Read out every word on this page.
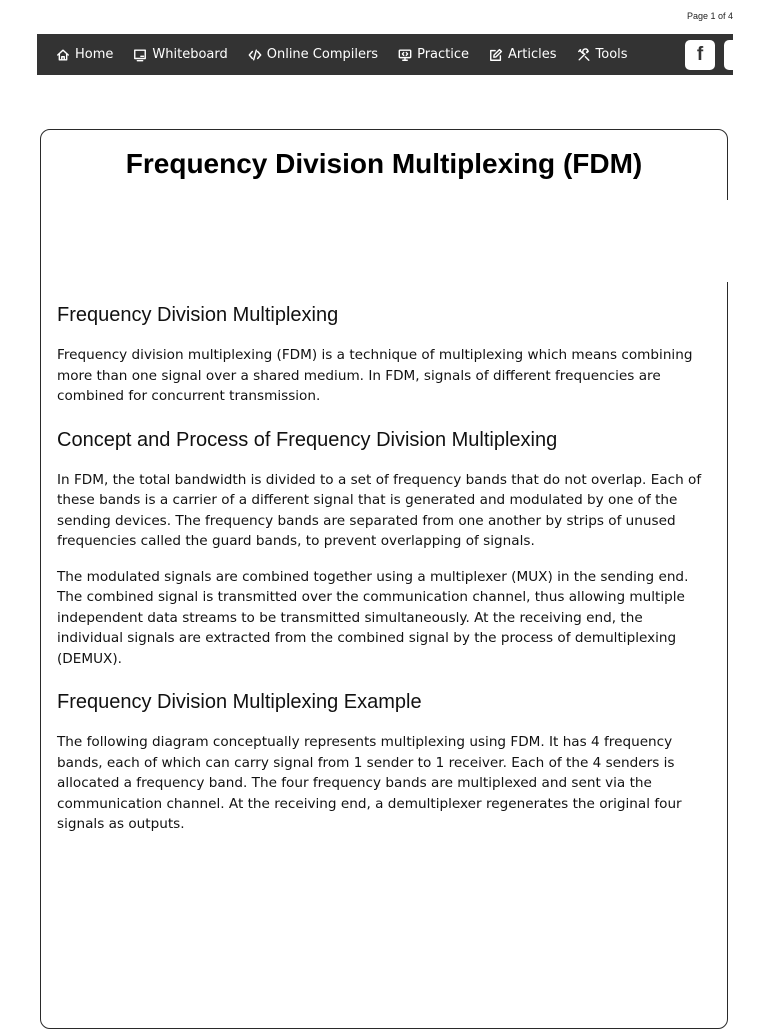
Page 1 of 4
Home	Whiteboard	Online Compilers	Practice	Articles	Tools	f
Frequency Division Multiplexing (FDM)
Frequency Division Multiplexing

Frequency division multiplexing (FDM) is a technique of multiplexing which means combining more than one signal over a shared medium. In FDM, signals of different frequencies are combined for concurrent transmission.

Concept and Process of Frequency Division Multiplexing

In FDM, the total bandwidth is divided to a set of frequency bands that do not overlap. Each of these bands is a carrier of a different signal that is generated and modulated by one of the sending devices. The frequency bands are separated from one another by strips of unused frequencies called the guard bands, to prevent overlapping of signals.

The modulated signals are combined together using a multiplexer (MUX) in the sending end. The combined signal is transmitted over the communication channel, thus allowing multiple independent data streams to be transmitted simultaneously. At the receiving end, the individual signals are extracted from the combined signal by the process of demultiplexing (DEMUX).

Frequency Division Multiplexing Example

The following diagram conceptually represents multiplexing using FDM. It has 4 frequency bands, each of which can carry signal from 1 sender to 1 receiver. Each of the 4 senders is allocated a frequency band. The four frequency bands are multiplexed and sent via the communication channel. At the receiving end, a demultiplexer regenerates the original four signals as outputs.
